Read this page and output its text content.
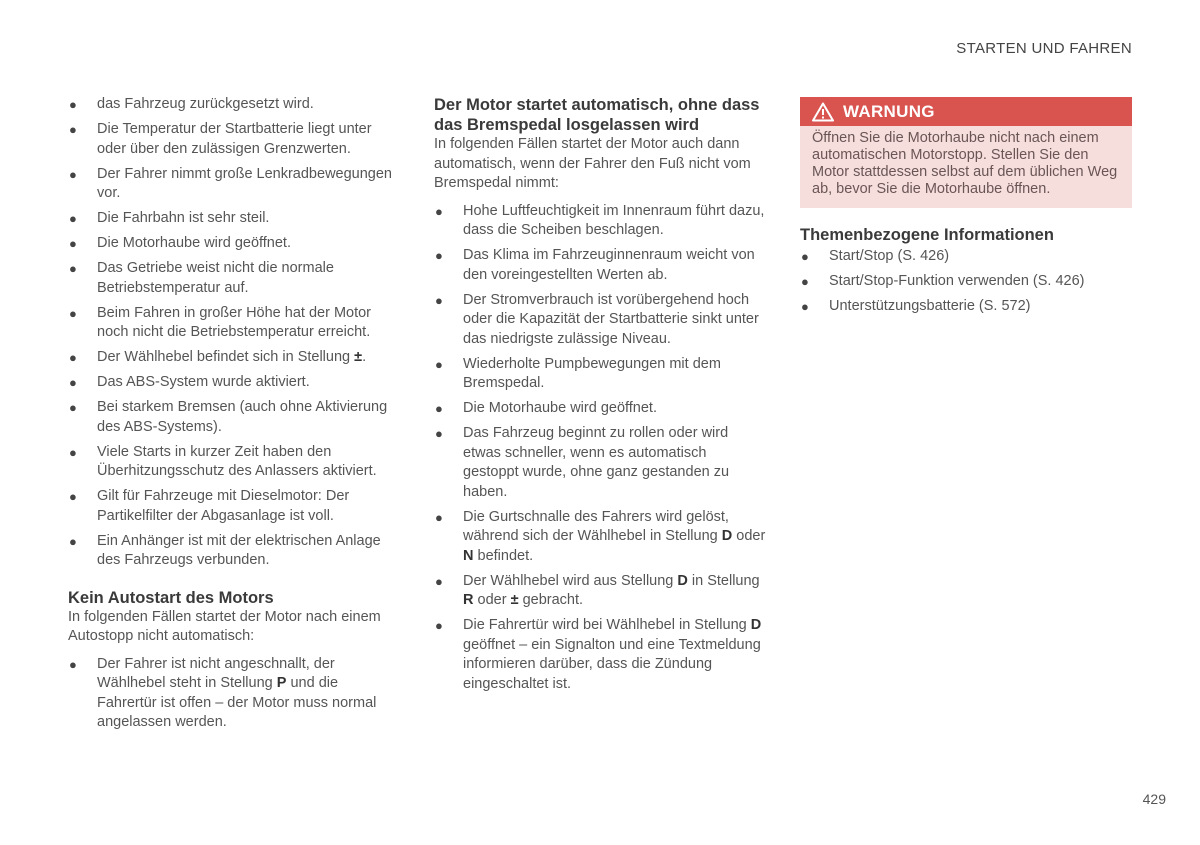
STARTEN UND FAHREN
● das Fahrzeug zurückgesetzt wird.
● Die Temperatur der Startbatterie liegt unter oder über den zulässigen Grenzwerten.
● Der Fahrer nimmt große Lenkradbewegungen vor.
● Die Fahrbahn ist sehr steil.
● Die Motorhaube wird geöffnet.
● Das Getriebe weist nicht die normale Betriebstemperatur auf.
● Beim Fahren in großer Höhe hat der Motor noch nicht die Betriebstemperatur erreicht.
● Der Wählhebel befindet sich in Stellung ±.
● Das ABS-System wurde aktiviert.
● Bei starkem Bremsen (auch ohne Aktivierung des ABS-Systems).
● Viele Starts in kurzer Zeit haben den Überhitzungsschutz des Anlassers aktiviert.
● Gilt für Fahrzeuge mit Dieselmotor: Der Partikelfilter der Abgasanlage ist voll.
● Ein Anhänger ist mit der elektrischen Anlage des Fahrzeugs verbunden.

Kein Autostart des Motors

In folgenden Fällen startet der Motor nach einem Autostopp nicht automatisch:

● Der Fahrer ist nicht angeschnallt, der Wählhebel steht in Stellung P und die Fahrertür ist offen – der Motor muss normal angelassen werden.

Der Motor startet automatisch, ohne dass das Bremspedal losgelassen wird

In folgenden Fällen startet der Motor auch dann automatisch, wenn der Fahrer den Fuß nicht vom Bremspedal nimmt:

● Hohe Luftfeuchtigkeit im Innenraum führt dazu, dass die Scheiben beschlagen.
● Das Klima im Fahrzeuginnenraum weicht von den voreingestellten Werten ab.
● Der Stromverbrauch ist vorübergehend hoch oder die Kapazität der Startbatterie sinkt unter das niedrigste zulässige Niveau.
● Wiederholte Pumpbewegungen mit dem Bremspedal.
● Die Motorhaube wird geöffnet.
● Das Fahrzeug beginnt zu rollen oder wird etwas schneller, wenn es automatisch gestoppt wurde, ohne ganz gestanden zu haben.
● Die Gurtschnalle des Fahrers wird gelöst, während sich der Wählhebel in Stellung D oder N befindet.
● Der Wählhebel wird aus Stellung D in Stellung R oder ± gebracht.
● Die Fahrertür wird bei Wählhebel in Stellung D geöffnet – ein Signalton und eine Textmeldung informieren darüber, dass die Zündung eingeschaltet ist.
WARNUNG
Öffnen Sie die Motorhaube nicht nach einem automatischen Motorstopp. Stellen Sie den Motor stattdessen selbst auf dem üblichen Weg ab, bevor Sie die Motorhaube öffnen.

Themenbezogene Informationen

● Start/Stop (S. 426)
● Start/Stop-Funktion verwenden (S. 426)
● Unterstützungsbatterie (S. 572)
429
